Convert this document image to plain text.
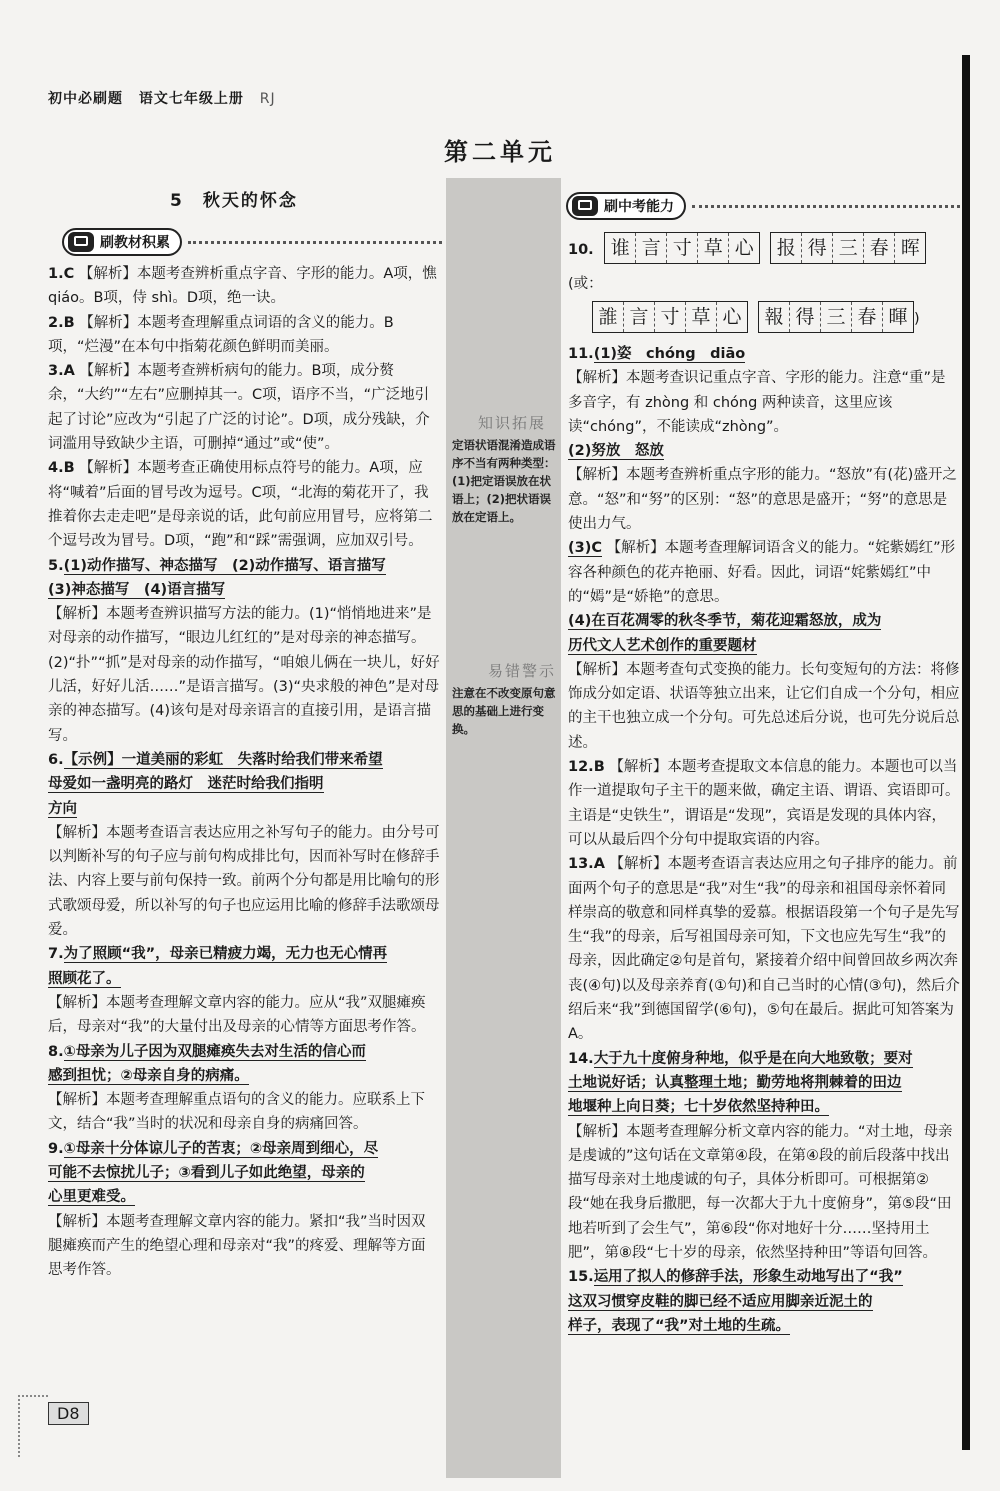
初中必刷题 语文七年级上册 RJ
第二单元
5　秋天的怀念
刷教材积累
刷中考能力
知识拓展
定语状语混淆造成语序不当有两种类型：(1)把定语误放在状语上；(2)把状语误放在定语上。
易错警示
注意在不改变原句意思的基础上进行变换。

1.C 【解析】本题考查辨析重点字音、字形的能力。A项，憔 qiáo。B项，侍 shì。D项，绝一诀。

2.B 【解析】本题考查理解重点词语的含义的能力。B项，“烂漫”在本句中指菊花颜色鲜明而美丽。

3.A 【解析】本题考查辨析病句的能力。B项，成分赘余，“大约”“左右”应删掉其一。C项，语序不当，“广泛地引起了讨论”应改为“引起了广泛的讨论”。D项，成分残缺，介词滥用导致缺少主语，可删掉“通过”或“使”。

4.B 【解析】本题考查正确使用标点符号的能力。A项，应将“喊着”后面的冒号改为逗号。C项，“北海的菊花开了，我推着你去走走吧”是母亲说的话，此句前应用冒号，应将第二个逗号改为冒号。D项，“跑”和“踩”需强调，应加双引号。

5.(1)动作描写、神态描写　(2)动作描写、语言描写
(3)神态描写　(4)语言描写
【解析】本题考查辨识描写方法的能力。(1)“悄悄地进来”是对母亲的动作描写，“眼边儿红红的”是对母亲的神态描写。(2)“扑”“抓”是对母亲的动作描写，“咱娘儿俩在一块儿，好好儿活，好好儿活……”是语言描写。(3)“央求般的神色”是对母亲的神态描写。(4)该句是对母亲语言的直接引用，是语言描写。

6.【示例】一道美丽的彩虹　失落时给我们带来希望
母爱如一盏明亮的路灯　迷茫时给我们指明
方向
【解析】本题考查语言表达应用之补写句子的能力。由分号可以判断补写的句子应与前句构成排比句，因而补写时在修辞手法、内容上要与前句保持一致。前两个分句都是用比喻句的形式歌颂母爱，所以补写的句子也应运用比喻的修辞手法歌颂母爱。

7.为了照顾“我”，母亲已精疲力竭，无力也无心情再
照顾花了。
【解析】本题考查理解文章内容的能力。应从“我”双腿瘫痪后，母亲对“我”的大量付出及母亲的心情等方面思考作答。

8.①母亲为儿子因为双腿瘫痪失去对生活的信心而
感到担忧；②母亲自身的病痛。
【解析】本题考查理解重点语句的含义的能力。应联系上下文，结合“我”当时的状况和母亲自身的病痛回答。

9.①母亲十分体谅儿子的苦衷；②母亲周到细心，尽
可能不去惊扰儿子；③看到儿子如此绝望，母亲的
心里更难受。
【解析】本题考查理解文章内容的能力。紧扣“我”当时因双腿瘫痪而产生的绝望心理和母亲对“我”的疼爱、理解等方面思考作答。

10. 谁 言 寸 草 心 报 得 三 春 晖

(或：

誰 言 寸 草 心 報 得 三 春 暉 )

11.(1)姿　chóng　diāo
【解析】本题考查识记重点字音、字形的能力。注意“重”是多音字，有 zhòng 和 chóng 两种读音，这里应该读“chóng”，不能读成“zhòng”。
(2)努放　怒放
【解析】本题考查辨析重点字形的能力。“怒放”有(花)盛开之意。“怒”和“努”的区别：“怒”的意思是盛开；“努”的意思是使出力气。
(3)C 【解析】本题考查理解词语含义的能力。“姹紫嫣红”形容各种颜色的花卉艳丽、好看。因此，词语“姹紫嫣红”中的“嫣”是“娇艳”的意思。
(4)在百花凋零的秋冬季节，菊花迎霜怒放，成为
历代文人艺术创作的重要题材
【解析】本题考查句式变换的能力。长句变短句的方法：将修饰成分如定语、状语等独立出来，让它们自成一个分句，相应的主干也独立成一个分句。可先总述后分说，也可先分说后总述。

12.B 【解析】本题考查提取文本信息的能力。本题也可以当作一道提取句子主干的题来做，确定主语、谓语、宾语即可。主语是“史铁生”，谓语是“发现”，宾语是发现的具体内容，可以从最后四个分句中提取宾语的内容。

13.A 【解析】本题考查语言表达应用之句子排序的能力。前面两个句子的意思是“我”对生“我”的母亲和祖国母亲怀着同样崇高的敬意和同样真挚的爱慕。根据语段第一个句子是先写生“我”的母亲，后写祖国母亲可知，下文也应先写生“我”的母亲，因此确定②句是首句，紧接着介绍中间曾回故乡两次奔丧(④句)以及母亲养育(①句)和自己当时的心情(③句)，然后介绍后来“我”到德国留学(⑥句)，⑤句在最后。据此可知答案为A。

14.大于九十度俯身种地，似乎是在向大地致敬；要对
土地说好话；认真整理土地；勤劳地将荆棘着的田边
地堰种上向日葵；七十岁依然坚持种田。
【解析】本题考查理解分析文章内容的能力。“对土地，母亲是虔诚的”这句话在文章第④段，在第④段的前后段落中找出描写母亲对土地虔诚的句子，具体分析即可。可根据第②段“她在我身后撒肥，每一次都大于九十度俯身”，第⑤段“田地若听到了会生气”，第⑥段“你对地好十分……坚持用土肥”，第⑧段“七十岁的母亲，依然坚持种田”等语句回答。

15.运用了拟人的修辞手法，形象生动地写出了“我”
这双习惯穿皮鞋的脚已经不适应用脚亲近泥土的
样子，表现了“我”对土地的生疏。

D8
